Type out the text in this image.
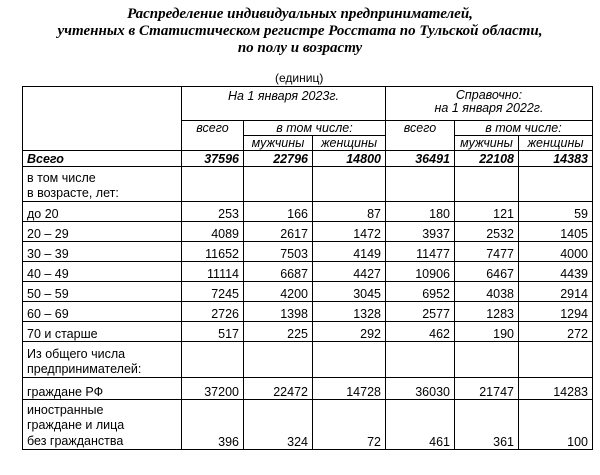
Распределение индивидуальных предпринимателей,
учтенных в Статистическом регистре Росстата по Тульской области,
по полу и возрасту
(единиц)
	На 1 января 2023г.			Справочно:
на 1 января 2022г.		

	всего	в том числе:		всего	в том числе:	
		мужчины	женщины		мужчины	женщины
Всего	37596	22796	14800	36491	22108	14383

в том числе
в возрасте, лет:						

до 20	253	166	87	180	121	59
20 – 29	4089	2617	1472	3937	2532	1405
30 – 39	11652	7503	4149	11477	7477	4000
40 – 49	11114	6687	4427	10906	6467	4439
50 – 59	7245	4200	3045	6952	4038	2914
60 – 69	2726	1398	1328	2577	1283	1294
70 и старше	517	225	292	462	190	272

Из общего числа
предпринимателей:						

граждане РФ	37200	22472	14728	36030	21747	14283

иностранные
граждане и лица
без гражданства	396	324	72	461	361	100
